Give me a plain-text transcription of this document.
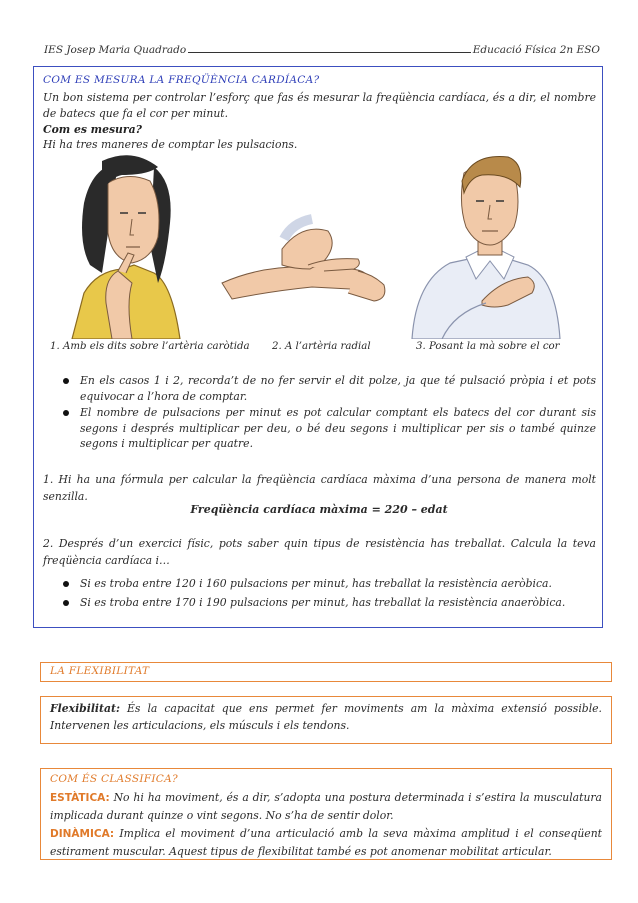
IES Josep Maria Quadrado	Educació Física 2n ESO
COM ES MESURA LA FREQÜÈNCIA CARDÍACA?
Un bon sistema per controlar l’esforç que fas és mesurar la freqüència cardíaca, és a dir, el nombre de batecs que fa el cor per minut.
Com es mesura?
Hi ha tres maneres de comptar les pulsacions.
1. Amb els dits sobre l’artèria caròtida 2. A l’artèria radial	3. Posant la mà sobre el cor
En els casos 1 i 2, recorda’t de no fer servir el dit polze, ja que té pulsació pròpia i et pots equivocar a l’hora de comptar.
El nombre de pulsacions per minut es pot calcular comptant els batecs del cor durant sis segons i després multiplicar per deu, o bé deu segons i multiplicar per sis o també quinze segons i multiplicar per quatre.
1. Hi ha una fórmula per calcular la freqüència cardíaca màxima d’una persona de manera molt senzilla.
Freqüència cardíaca màxima = 220 – edat
2. Després d’un exercici físic, pots saber quin tipus de resistència has treballat. Calcula la teva freqüència cardíaca i…
Si es troba entre 120 i 160 pulsacions per minut, has treballat la resistència aeròbica.
Si es troba entre 170 i 190 pulsacions per minut, has treballat la resistència anaeròbica.
LA FLEXIBILITAT
Flexibilitat: És la capacitat que ens permet fer moviments am la màxima extensió possible. Intervenen les articulacions, els músculs i els tendons.
COM ÉS CLASSIFICA?
ESTÀTICA: No hi ha moviment, és a dir, s’adopta una postura determinada i s’estira la musculatura implicada durant quinze o vint segons. No s’ha de sentir dolor.
DINÀMICA: Implica el moviment d’una articulació amb la seva màxima amplitud i el conseqüent estirament muscular. Aquest tipus de flexibilitat també es pot anomenar mobilitat articular.
